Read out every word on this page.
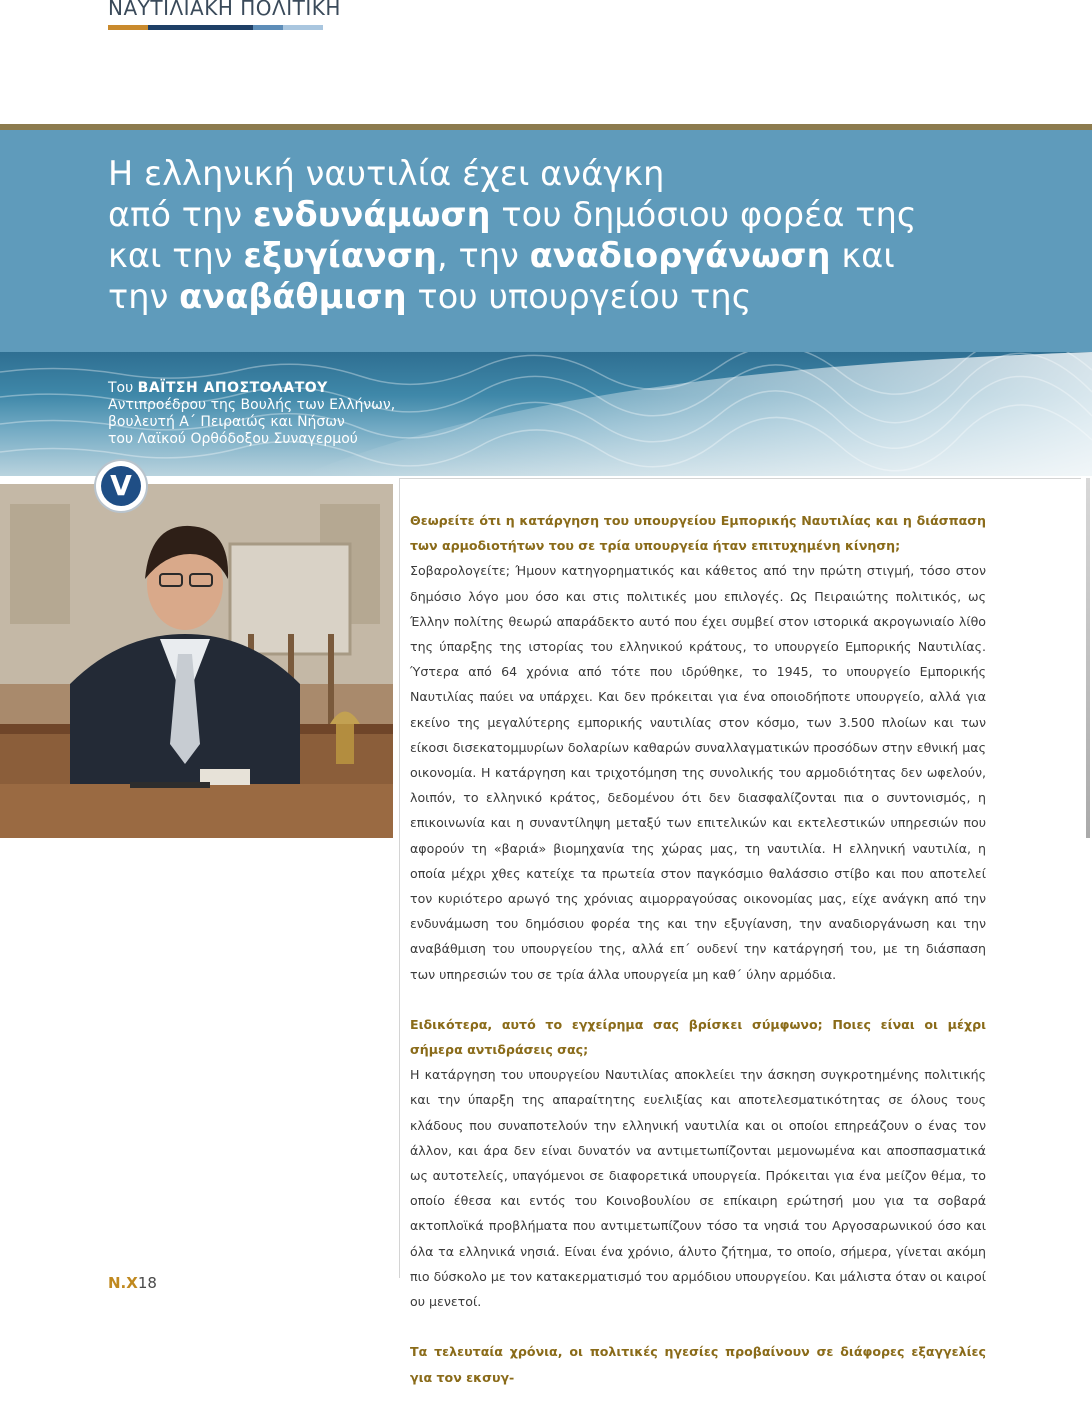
ΝΑΥΤΙΛΙΑΚΗ ΠΟΛΙΤΙΚΗ
Η ελληνική ναυτιλία έχει ανάγκη
από την ενδυνάμωση του δημόσιου φορέα της
και την εξυγίανση, την αναδιοργάνωση και
την αναβάθμιση του υπουργείου της
Του ΒΑΪΤΣΗ ΑΠΟΣΤΟΛΑΤΟΥ
Αντιπροέδρου της Βουλής των Ελλήνων,
βουλευτή Α΄ Πειραιώς και Νήσων
του Λαϊκού Ορθόδοξου Συναγερμού
V

Θεωρείτε ότι η κατάργηση του υπουργείου Εμπορικής Ναυτιλίας και η διάσπαση των αρμοδιοτήτων του σε τρία υπουργεία ήταν επιτυχημένη κίνηση;
Σοβαρολογείτε; Ήμουν κατηγορηματικός και κάθετος από την πρώτη στιγμή, τόσο στον δημόσιο λόγο μου όσο και στις πολιτικές μου επιλογές. Ως Πειραιώτης πολιτικός, ως Έλλην πολίτης θεωρώ απαράδεκτο αυτό που έχει συμβεί στον ιστορικά ακρογωνιαίο λίθο της ύπαρξης της ιστορίας του ελληνικού κράτους, το υπουργείο Εμπορικής Ναυτιλίας. Ύστερα από 64 χρόνια από τότε που ιδρύθηκε, το 1945, το υπουργείο Εμπορικής Ναυτιλίας παύει να υπάρχει. Και δεν πρόκειται για ένα οποιοδήποτε υπουργείο, αλλά για εκείνο της μεγαλύτερης εμπορικής ναυτιλίας στον κόσμο, των 3.500 πλοίων και των είκοσι δισεκατομμυρίων δολαρίων καθαρών συναλλαγματικών προσόδων στην εθνική μας οικονομία. Η κατάργηση και τριχοτόμηση της συνολικής του αρμοδιότητας δεν ωφελούν, λοιπόν, το ελληνικό κράτος, δεδομένου ότι δεν διασφαλίζονται πια ο συντονισμός, η επικοινωνία και η συναντίληψη μεταξύ των επιτελικών και εκτελεστικών υπηρεσιών που αφορούν τη «βαριά» βιομηχανία της χώρας μας, τη ναυτιλία. Η ελληνική ναυτιλία, η οποία μέχρι χθες κατείχε τα πρωτεία στον παγκόσμιο θαλάσσιο στίβο και που αποτελεί τον κυριότερο αρωγό της χρόνιας αιμορραγούσας οικονομίας μας, είχε ανάγκη από την ενδυνάμωση του δημόσιου φορέα της και την εξυγίανση, την αναδιοργάνωση και την αναβάθμιση του υπουργείου της, αλλά επ΄ ουδενί την κατάργησή του, με τη διάσπαση των υπηρεσιών του σε τρία άλλα υπουργεία μη καθ΄ ύλην αρμόδια.

Ειδικότερα, αυτό το εγχείρημα σας βρίσκει σύμφωνο; Ποιες είναι οι μέχρι σήμερα αντιδράσεις σας;
Η κατάργηση του υπουργείου Ναυτιλίας αποκλείει την άσκηση συγκροτημένης πολιτικής και την ύπαρξη της απαραίτητης ευελιξίας και αποτελεσματικότητας σε όλους τους κλάδους που συναποτελούν την ελληνική ναυτιλία και οι οποίοι επηρεάζουν ο ένας τον άλλον, και άρα δεν είναι δυνατόν να αντιμετωπίζονται μεμονωμένα και αποσπασματικά ως αυτοτελείς, υπαγόμενοι σε διαφορετικά υπουργεία. Πρόκειται για ένα μείζον θέμα, το οποίο έθεσα και εντός του Κοινοβουλίου σε επίκαιρη ερώτησή μου για τα σοβαρά ακτοπλοϊκά προβλήματα που αντιμετωπίζουν τόσο τα νησιά του Αργοσαρωνικού όσο και όλα τα ελληνικά νησιά. Είναι ένα χρόνιο, άλυτο ζήτημα, το οποίο, σήμερα, γίνεται ακόμη πιο δύσκολο με τον κατακερματισμό του αρμόδιου υπουργείου. Και μάλιστα όταν οι καιροί ου μενετοί.

Τα τελευταία χρόνια, οι πολιτικές ηγεσίες προβαίνουν σε διάφορες εξαγγελίες για τον εκσυγ-

Ν.Χ18
